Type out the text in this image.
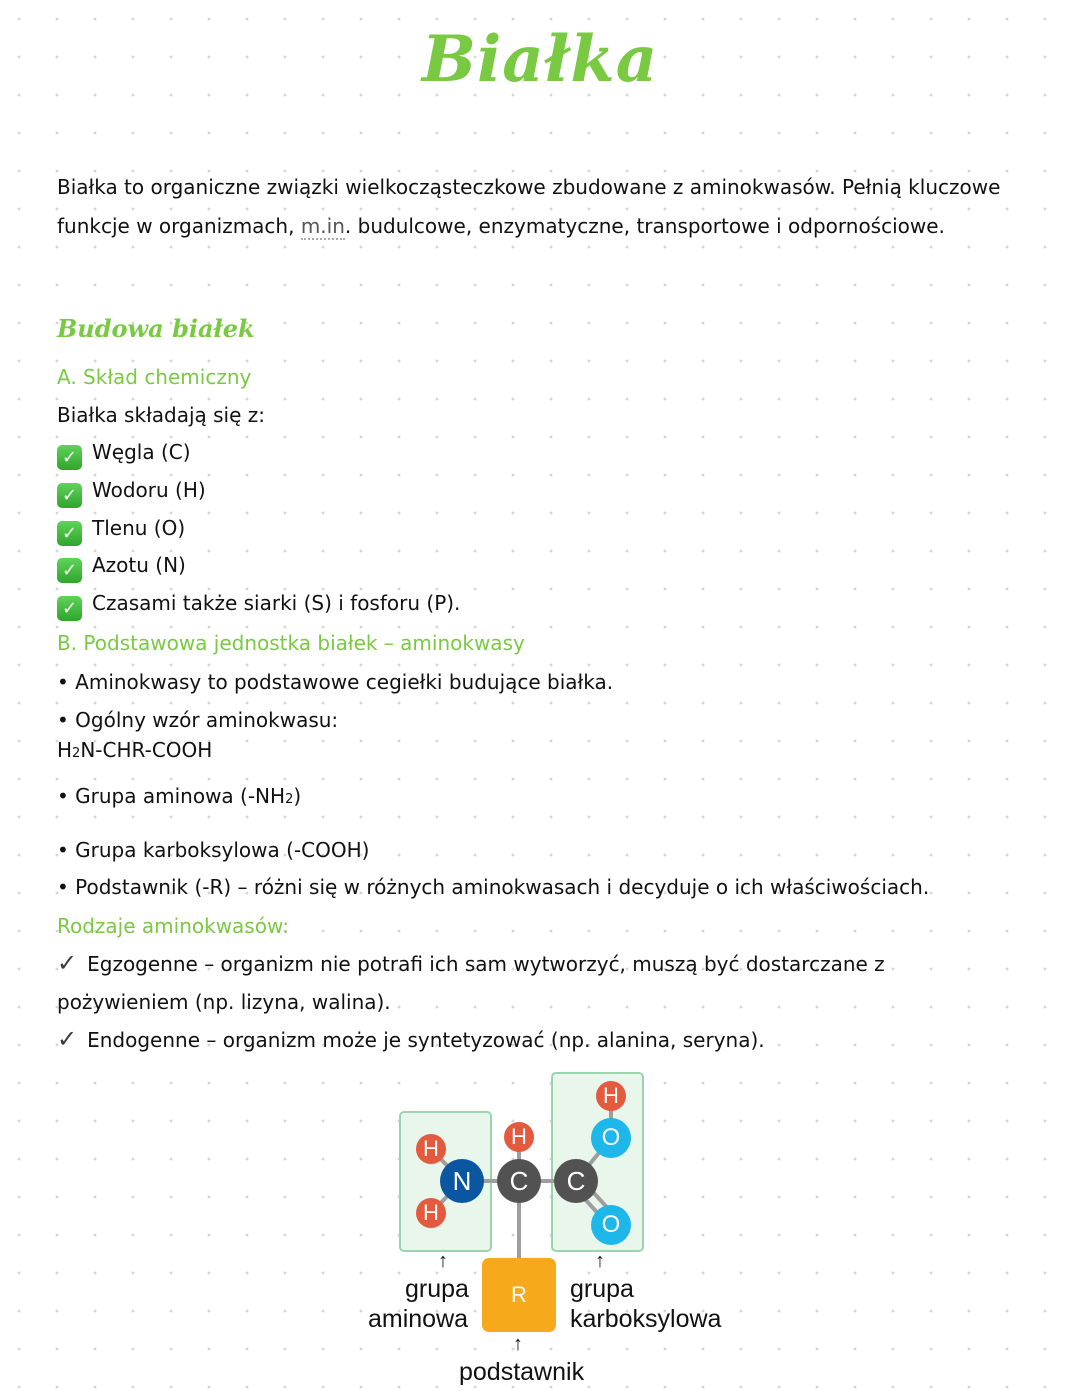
Białka
Białka to organiczne związki wielkocząsteczkowe zbudowane z aminokwasów. Pełnią kluczowe funkcje w organizmach, m.in. budulcowe, enzymatyczne, transportowe i odpornościowe.
Budowa białek
A. Skład chemiczny
Białka składają się z:
✓ Węgla (C)
✓ Wodoru (H)
✓ Tlenu (O)
✓ Azotu (N)
✓ Czasami także siarki (S) i fosforu (P).
B. Podstawowa jednostka białek – aminokwasy
• Aminokwasy to podstawowe cegiełki budujące białka.
• Ogólny wzór aminokwasu:
H2N-CHR-COOH
• Grupa aminowa (-NH2)
• Grupa karboksylowa (-COOH)
• Podstawnik (-R) – różni się w różnych aminokwasach i decyduje o ich właściwościach.
Rodzaje aminokwasów:
✓ Egzogenne – organizm nie potrafi ich sam wytworzyć, muszą być dostarczane z
pożywieniem (np. lizyna, walina).
✓ Endogenne – organizm może je syntetyzować (np. alanina, seryna).
H
H
N
H
C	C
H
O
O
R
↑	↑
↑
grupa
aminowa
grupa
karboksylowa
podstawnik
